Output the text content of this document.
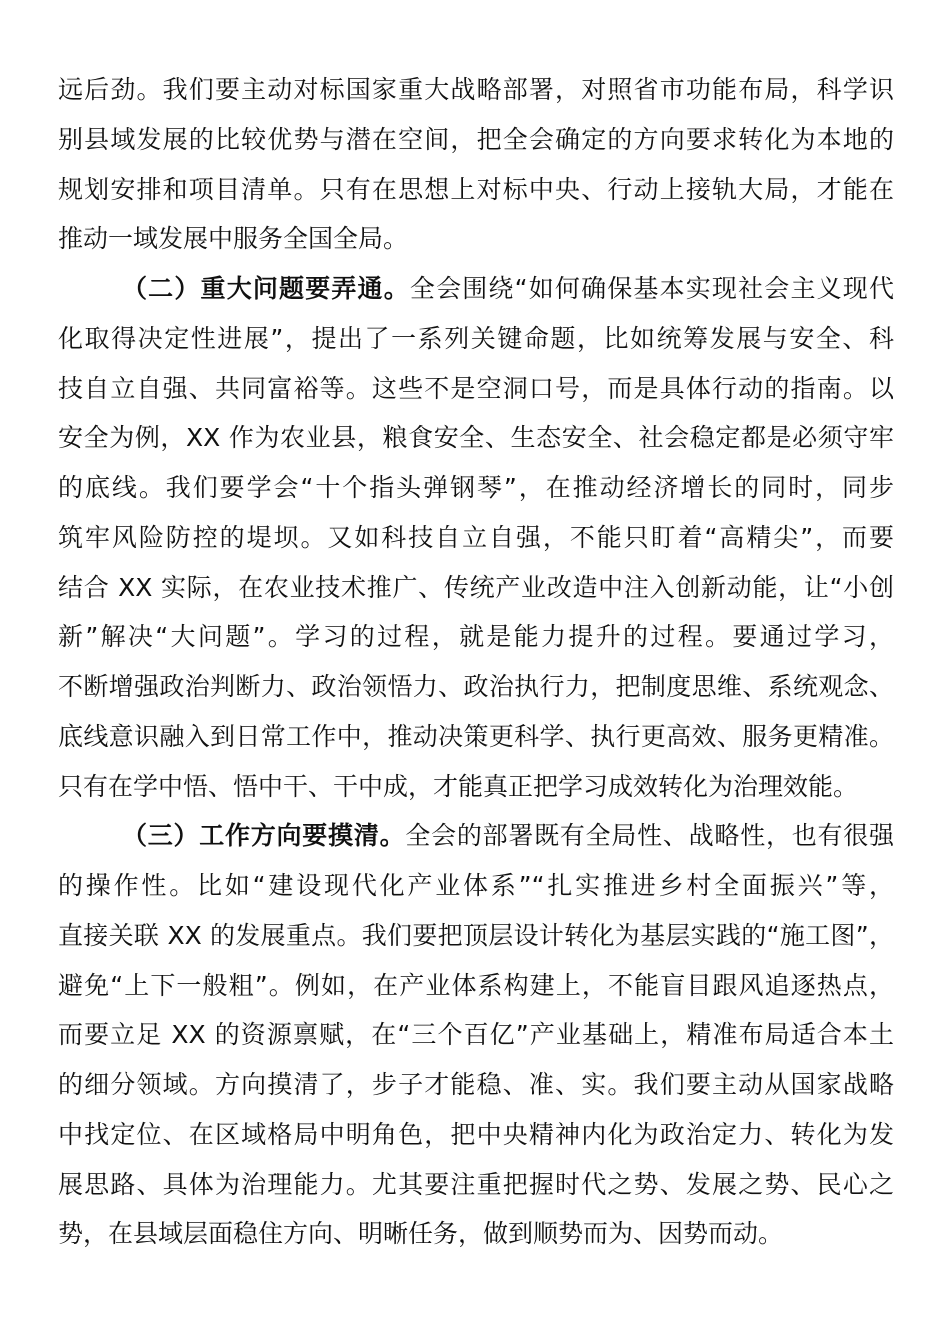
远后劲。我们要主动对标国家重大战略部署，对照省市功能布局，科学识
别县域发展的比较优势与潜在空间，把全会确定的方向要求转化为本地的
规划安排和项目清单。只有在思想上对标中央、行动上接轨大局，才能在
推动一域发展中服务全国全局。
（二）重大问题要弄通。全会围绕“如何确保基本实现社会主义现代
化取得决定性进展”，提出了一系列关键命题，比如统筹发展与安全、科
技自立自强、共同富裕等。这些不是空洞口号，而是具体行动的指南。以
安全为例，XX 作为农业县，粮食安全、生态安全、社会稳定都是必须守牢
的底线。我们要学会“十个指头弹钢琴”，在推动经济增长的同时，同步
筑牢风险防控的堤坝。又如科技自立自强，不能只盯着“高精尖”，而要
结合 XX 实际，在农业技术推广、传统产业改造中注入创新动能，让“小创
新”解决“大问题”。学习的过程，就是能力提升的过程。要通过学习，
不断增强政治判断力、政治领悟力、政治执行力，把制度思维、系统观念、
底线意识融入到日常工作中，推动决策更科学、执行更高效、服务更精准。
只有在学中悟、悟中干、干中成，才能真正把学习成效转化为治理效能。
（三）工作方向要摸清。全会的部署既有全局性、战略性，也有很强
的操作性。比如“建设现代化产业体系”“扎实推进乡村全面振兴”等，
直接关联 XX 的发展重点。我们要把顶层设计转化为基层实践的“施工图”，
避免“上下一般粗”。例如，在产业体系构建上，不能盲目跟风追逐热点，
而要立足 XX 的资源禀赋，在“三个百亿”产业基础上，精准布局适合本土
的细分领域。方向摸清了，步子才能稳、准、实。我们要主动从国家战略
中找定位、在区域格局中明角色，把中央精神内化为政治定力、转化为发
展思路、具体为治理能力。尤其要注重把握时代之势、发展之势、民心之
势，在县域层面稳住方向、明晰任务，做到顺势而为、因势而动。
